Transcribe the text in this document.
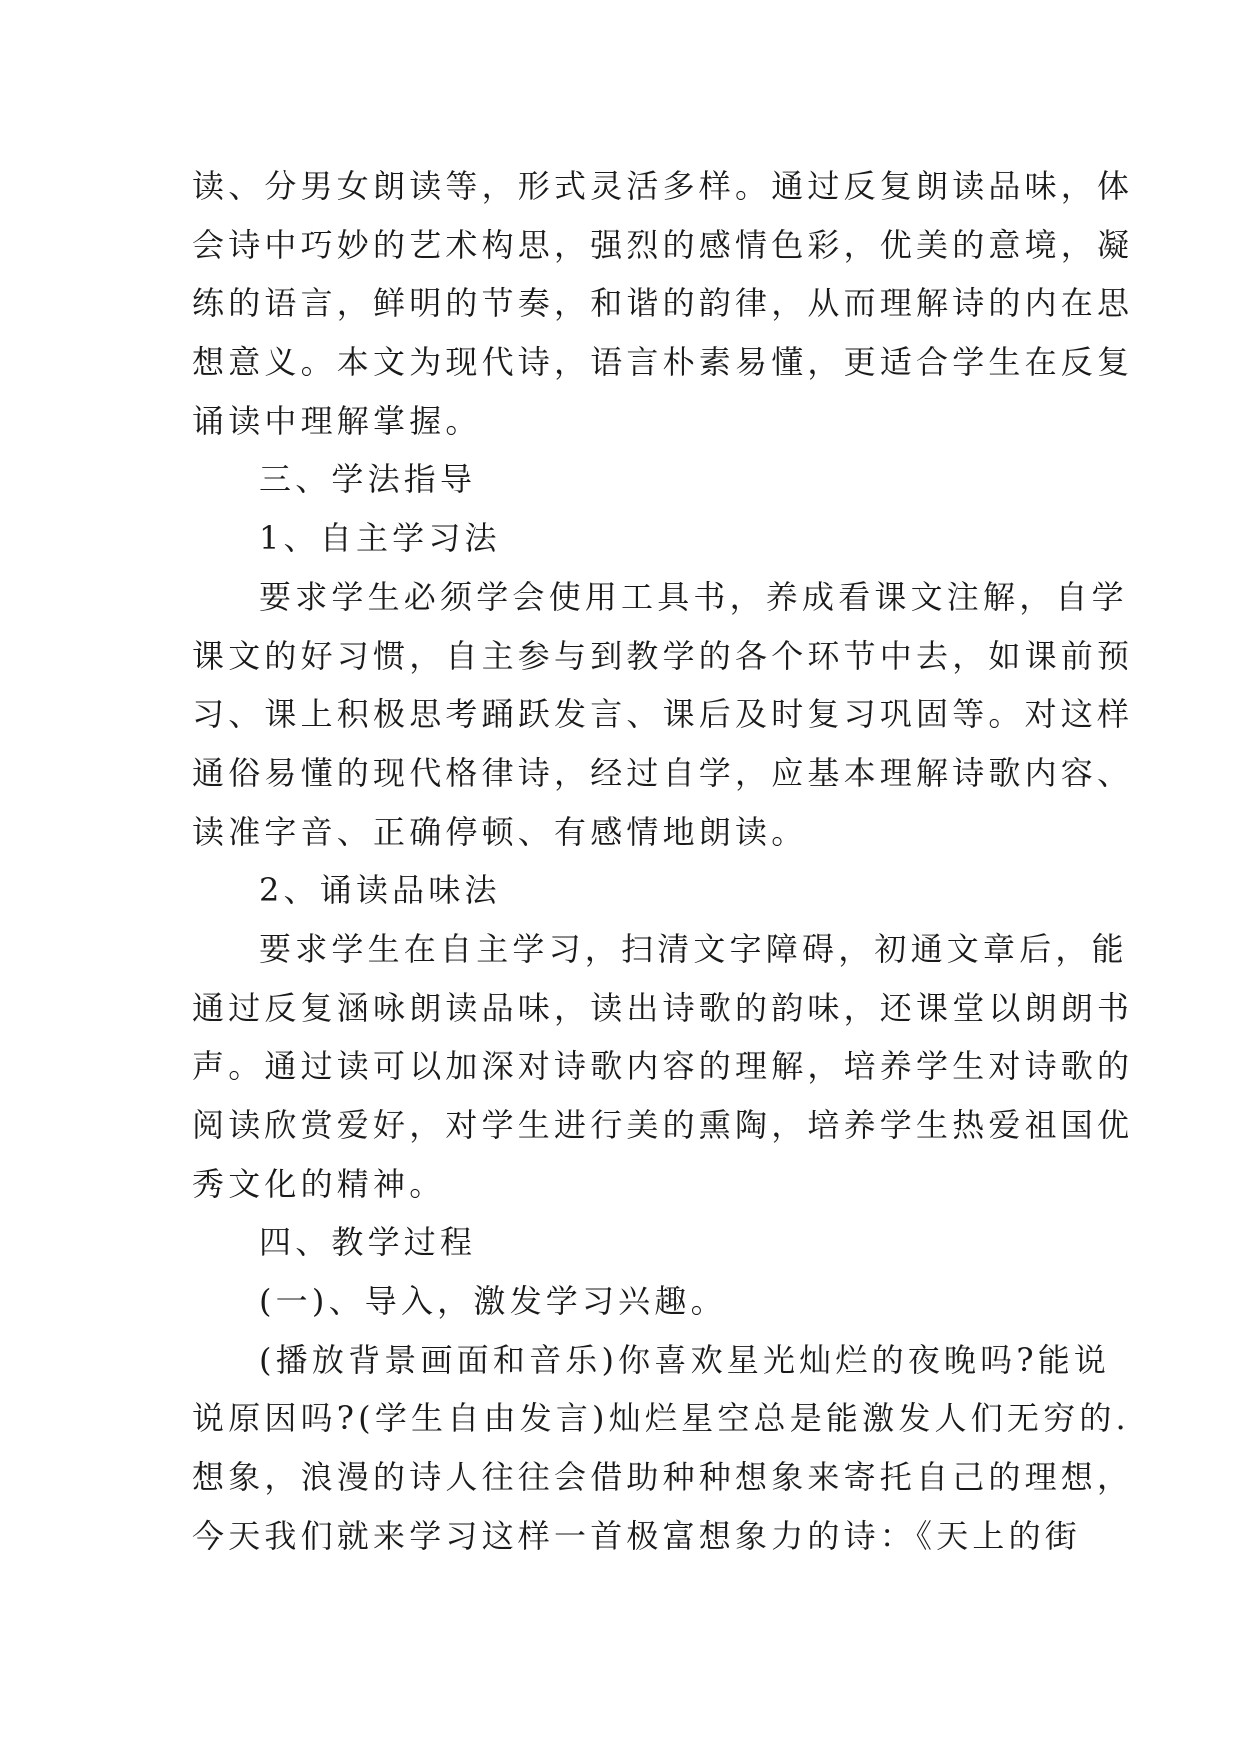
读、分男女朗读等，形式灵活多样。通过反复朗读品味，体
会诗中巧妙的艺术构思，强烈的感情色彩，优美的意境，凝
练的语言，鲜明的节奏，和谐的韵律，从而理解诗的内在思
想意义。本文为现代诗，语言朴素易懂，更适合学生在反复
诵读中理解掌握。
三、学法指导
1、自主学习法
要求学生必须学会使用工具书，养成看课文注解，自学
课文的好习惯，自主参与到教学的各个环节中去，如课前预
习、课上积极思考踊跃发言、课后及时复习巩固等。对这样
通俗易懂的现代格律诗，经过自学，应基本理解诗歌内容、
读准字音、正确停顿、有感情地朗读。
2、诵读品味法
要求学生在自主学习，扫清文字障碍，初通文章后，能
通过反复涵咏朗读品味，读出诗歌的韵味，还课堂以朗朗书
声。通过读可以加深对诗歌内容的理解，培养学生对诗歌的
阅读欣赏爱好，对学生进行美的熏陶，培养学生热爱祖国优
秀文化的精神。
四、教学过程
(一)、导入，激发学习兴趣。
(播放背景画面和音乐)你喜欢星光灿烂的夜晚吗?能说
说原因吗?(学生自由发言)灿烂星空总是能激发人们无穷的.
想象，浪漫的诗人往往会借助种种想象来寄托自己的理想，
今天我们就来学习这样一首极富想象力的诗：《天上的街
